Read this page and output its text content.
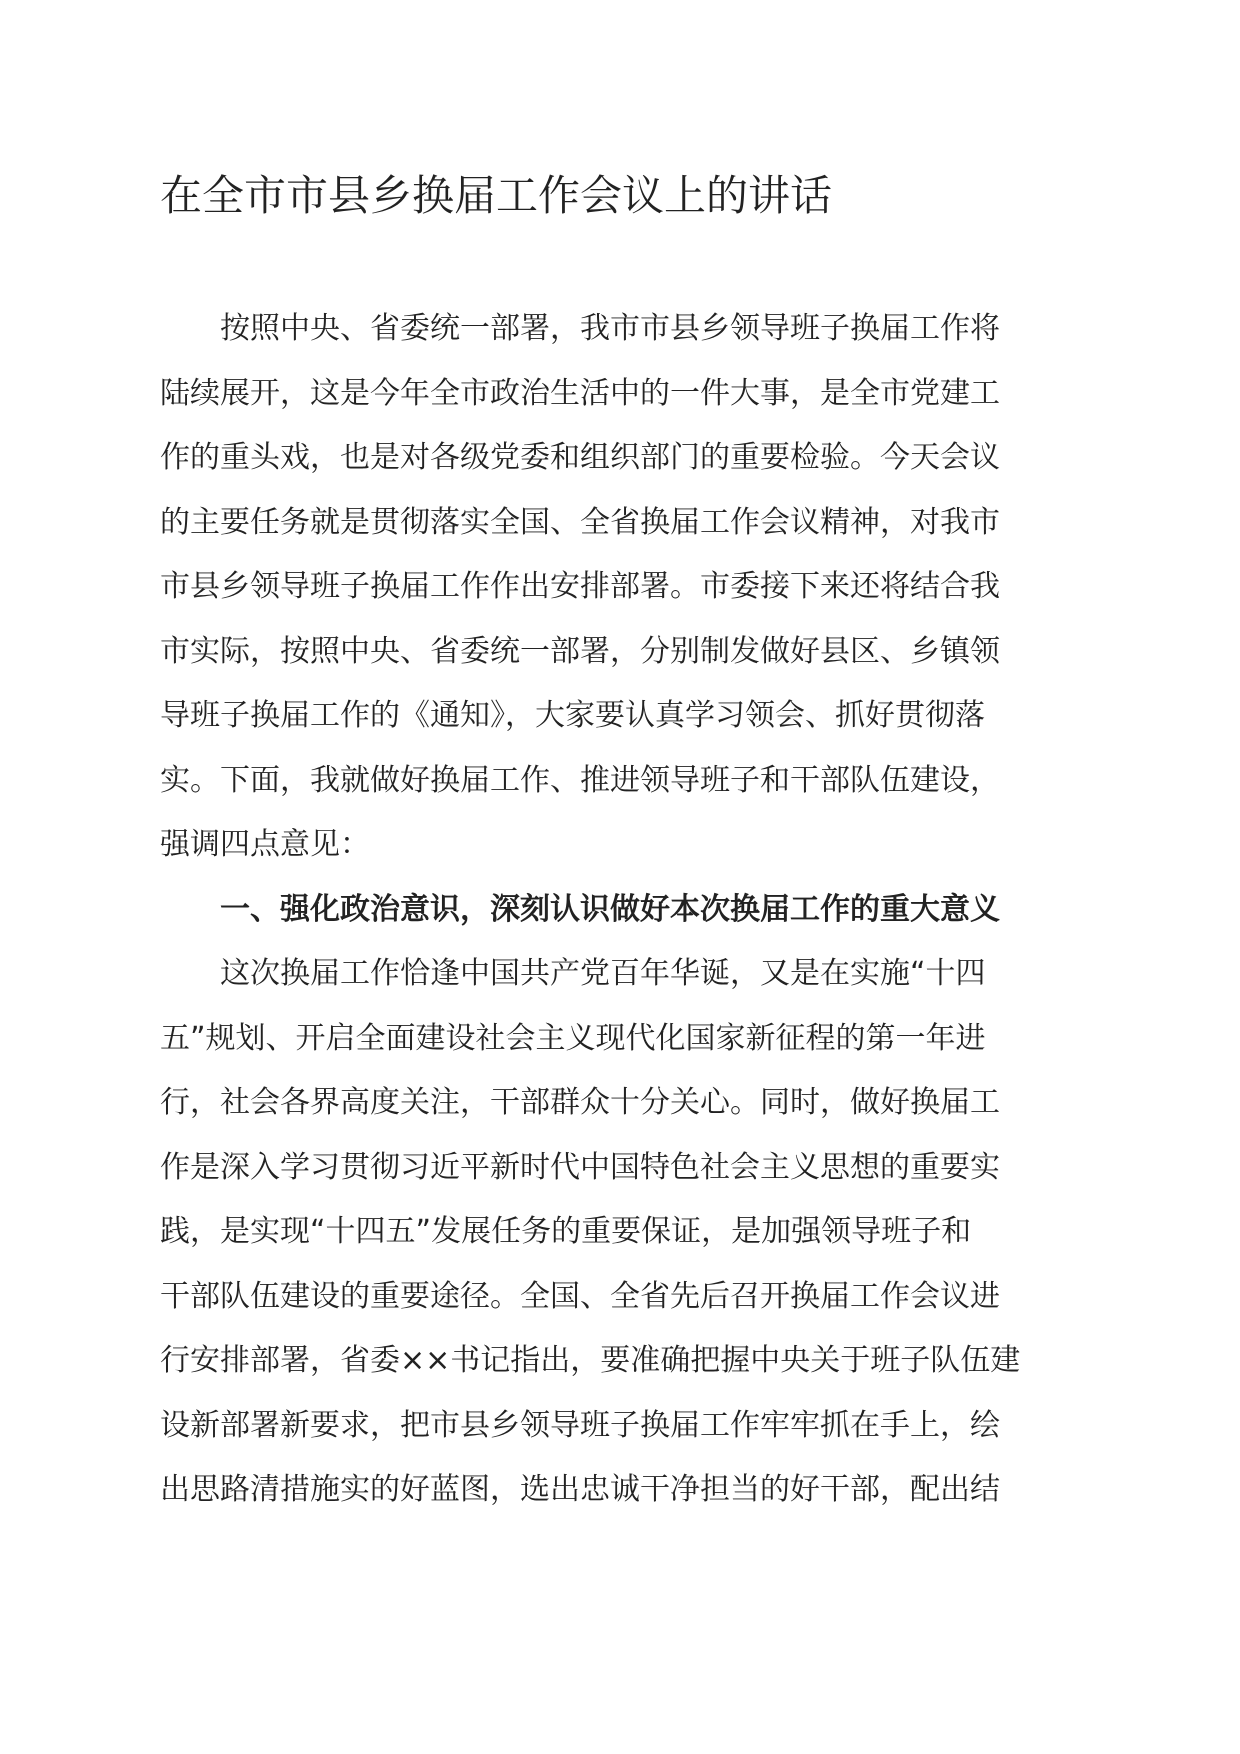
在全市市县乡换届工作会议上的讲话

　　按照中央、省委统一部署，我市市县乡领导班子换届工作将
陆续展开，这是今年全市政治生活中的一件大事，是全市党建工
作的重头戏，也是对各级党委和组织部门的重要检验。今天会议
的主要任务就是贯彻落实全国、全省换届工作会议精神，对我市
市县乡领导班子换届工作作出安排部署。市委接下来还将结合我
市实际，按照中央、省委统一部署，分别制发做好县区、乡镇领
导班子换届工作的《通知》，大家要认真学习领会、抓好贯彻落
实。下面，我就做好换届工作、推进领导班子和干部队伍建设，
强调四点意见：

　　一、强化政治意识，深刻认识做好本次换届工作的重大意义

　　这次换届工作恰逢中国共产党百年华诞，又是在实施“十四
五”规划、开启全面建设社会主义现代化国家新征程的第一年进
行，社会各界高度关注，干部群众十分关心。同时，做好换届工
作是深入学习贯彻习近平新时代中国特色社会主义思想的重要实
践，是实现“十四五”发展任务的重要保证，是加强领导班子和
干部队伍建设的重要途径。全国、全省先后召开换届工作会议进
行安排部署，省委××书记指出，要准确把握中央关于班子队伍建
设新部署新要求，把市县乡领导班子换届工作牢牢抓在手上，绘
出思路清措施实的好蓝图，选出忠诚干净担当的好干部，配出结
